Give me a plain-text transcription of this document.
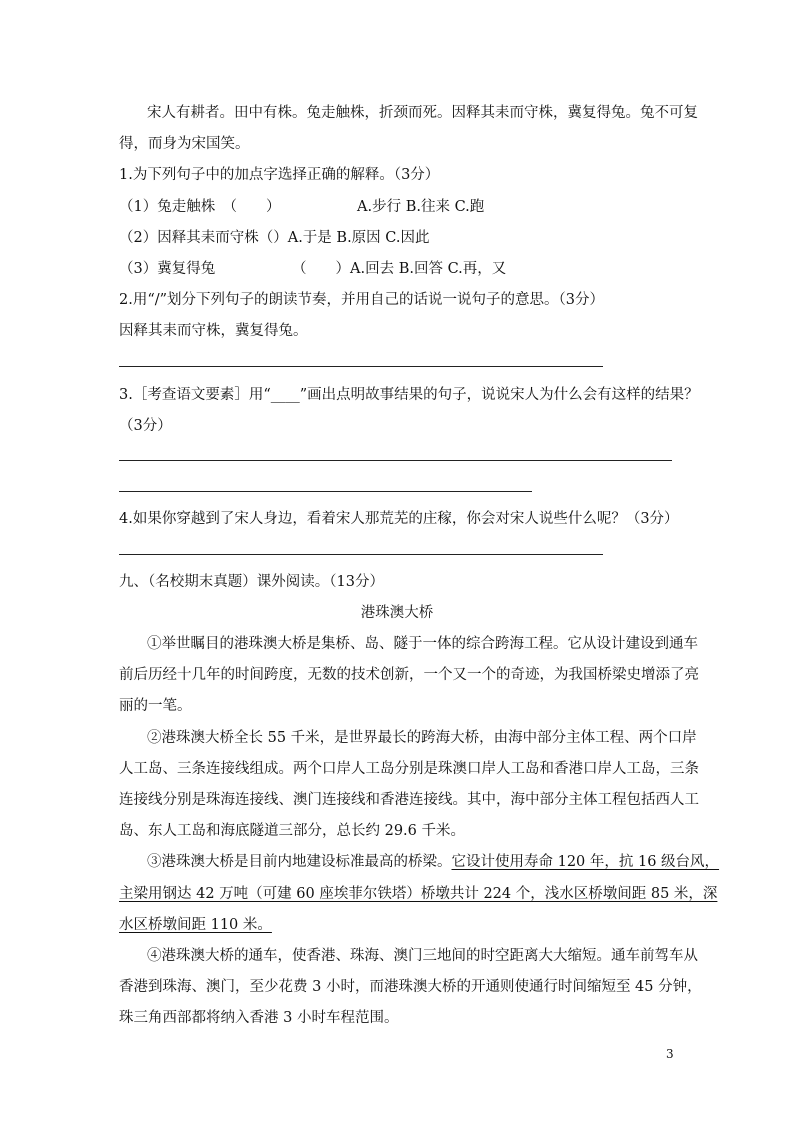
宋人有耕者。田中有株。兔走触株，折颈而死。因释其耒而守株，冀复得兔。兔不可复
得，而身为宋国笑。
1.为下列句子中的加点字选择正确的解释。（3分）
（1）兔走触株　（　　）	A.步行 B.往来 C.跑
（2）因释其耒而守株（）A.于是 B.原因 C.因此
（3）冀复得兔	（　　）A.回去 B.回答 C.再，又
2.用“/”划分下列句子的朗读节奏，并用自己的话说一说句子的意思。（3分）
因释其耒而守株，冀复得兔。
3.［考查语文要素］用“____”画出点明故事结果的句子，说说宋人为什么会有这样的结果？
（3分）
4.如果你穿越到了宋人身边，看着宋人那荒芜的庄稼，你会对宋人说些什么呢？（3分）
九、（名校期末真题）课外阅读。（13分）
港珠澳大桥
①举世瞩目的港珠澳大桥是集桥、岛、隧于一体的综合跨海工程。它从设计建设到通车
前后历经十几年的时间跨度，无数的技术创新，一个又一个的奇迹，为我国桥梁史增添了亮
丽的一笔。
②港珠澳大桥全长 55 千米，是世界最长的跨海大桥，由海中部分主体工程、两个口岸
人工岛、三条连接线组成。两个口岸人工岛分别是珠澳口岸人工岛和香港口岸人工岛，三条
连接线分别是珠海连接线、澳门连接线和香港连接线。其中，海中部分主体工程包括西人工
岛、东人工岛和海底隧道三部分，总长约 29.6 千米。
③港珠澳大桥是目前内地建设标准最高的桥梁。它设计使用寿命 120 年，抗 16 级台风，
主梁用钢达 42 万吨（可建 60 座埃菲尔铁塔）桥墩共计 224 个，浅水区桥墩间距 85 米，深
水区桥墩间距 110 米。
④港珠澳大桥的通车，使香港、珠海、澳门三地间的时空距离大大缩短。通车前驾车从
香港到珠海、澳门，至少花费 3 小时，而港珠澳大桥的开通则使通行时间缩短至 45 分钟，
珠三角西部都将纳入香港 3 小时车程范围。
3
